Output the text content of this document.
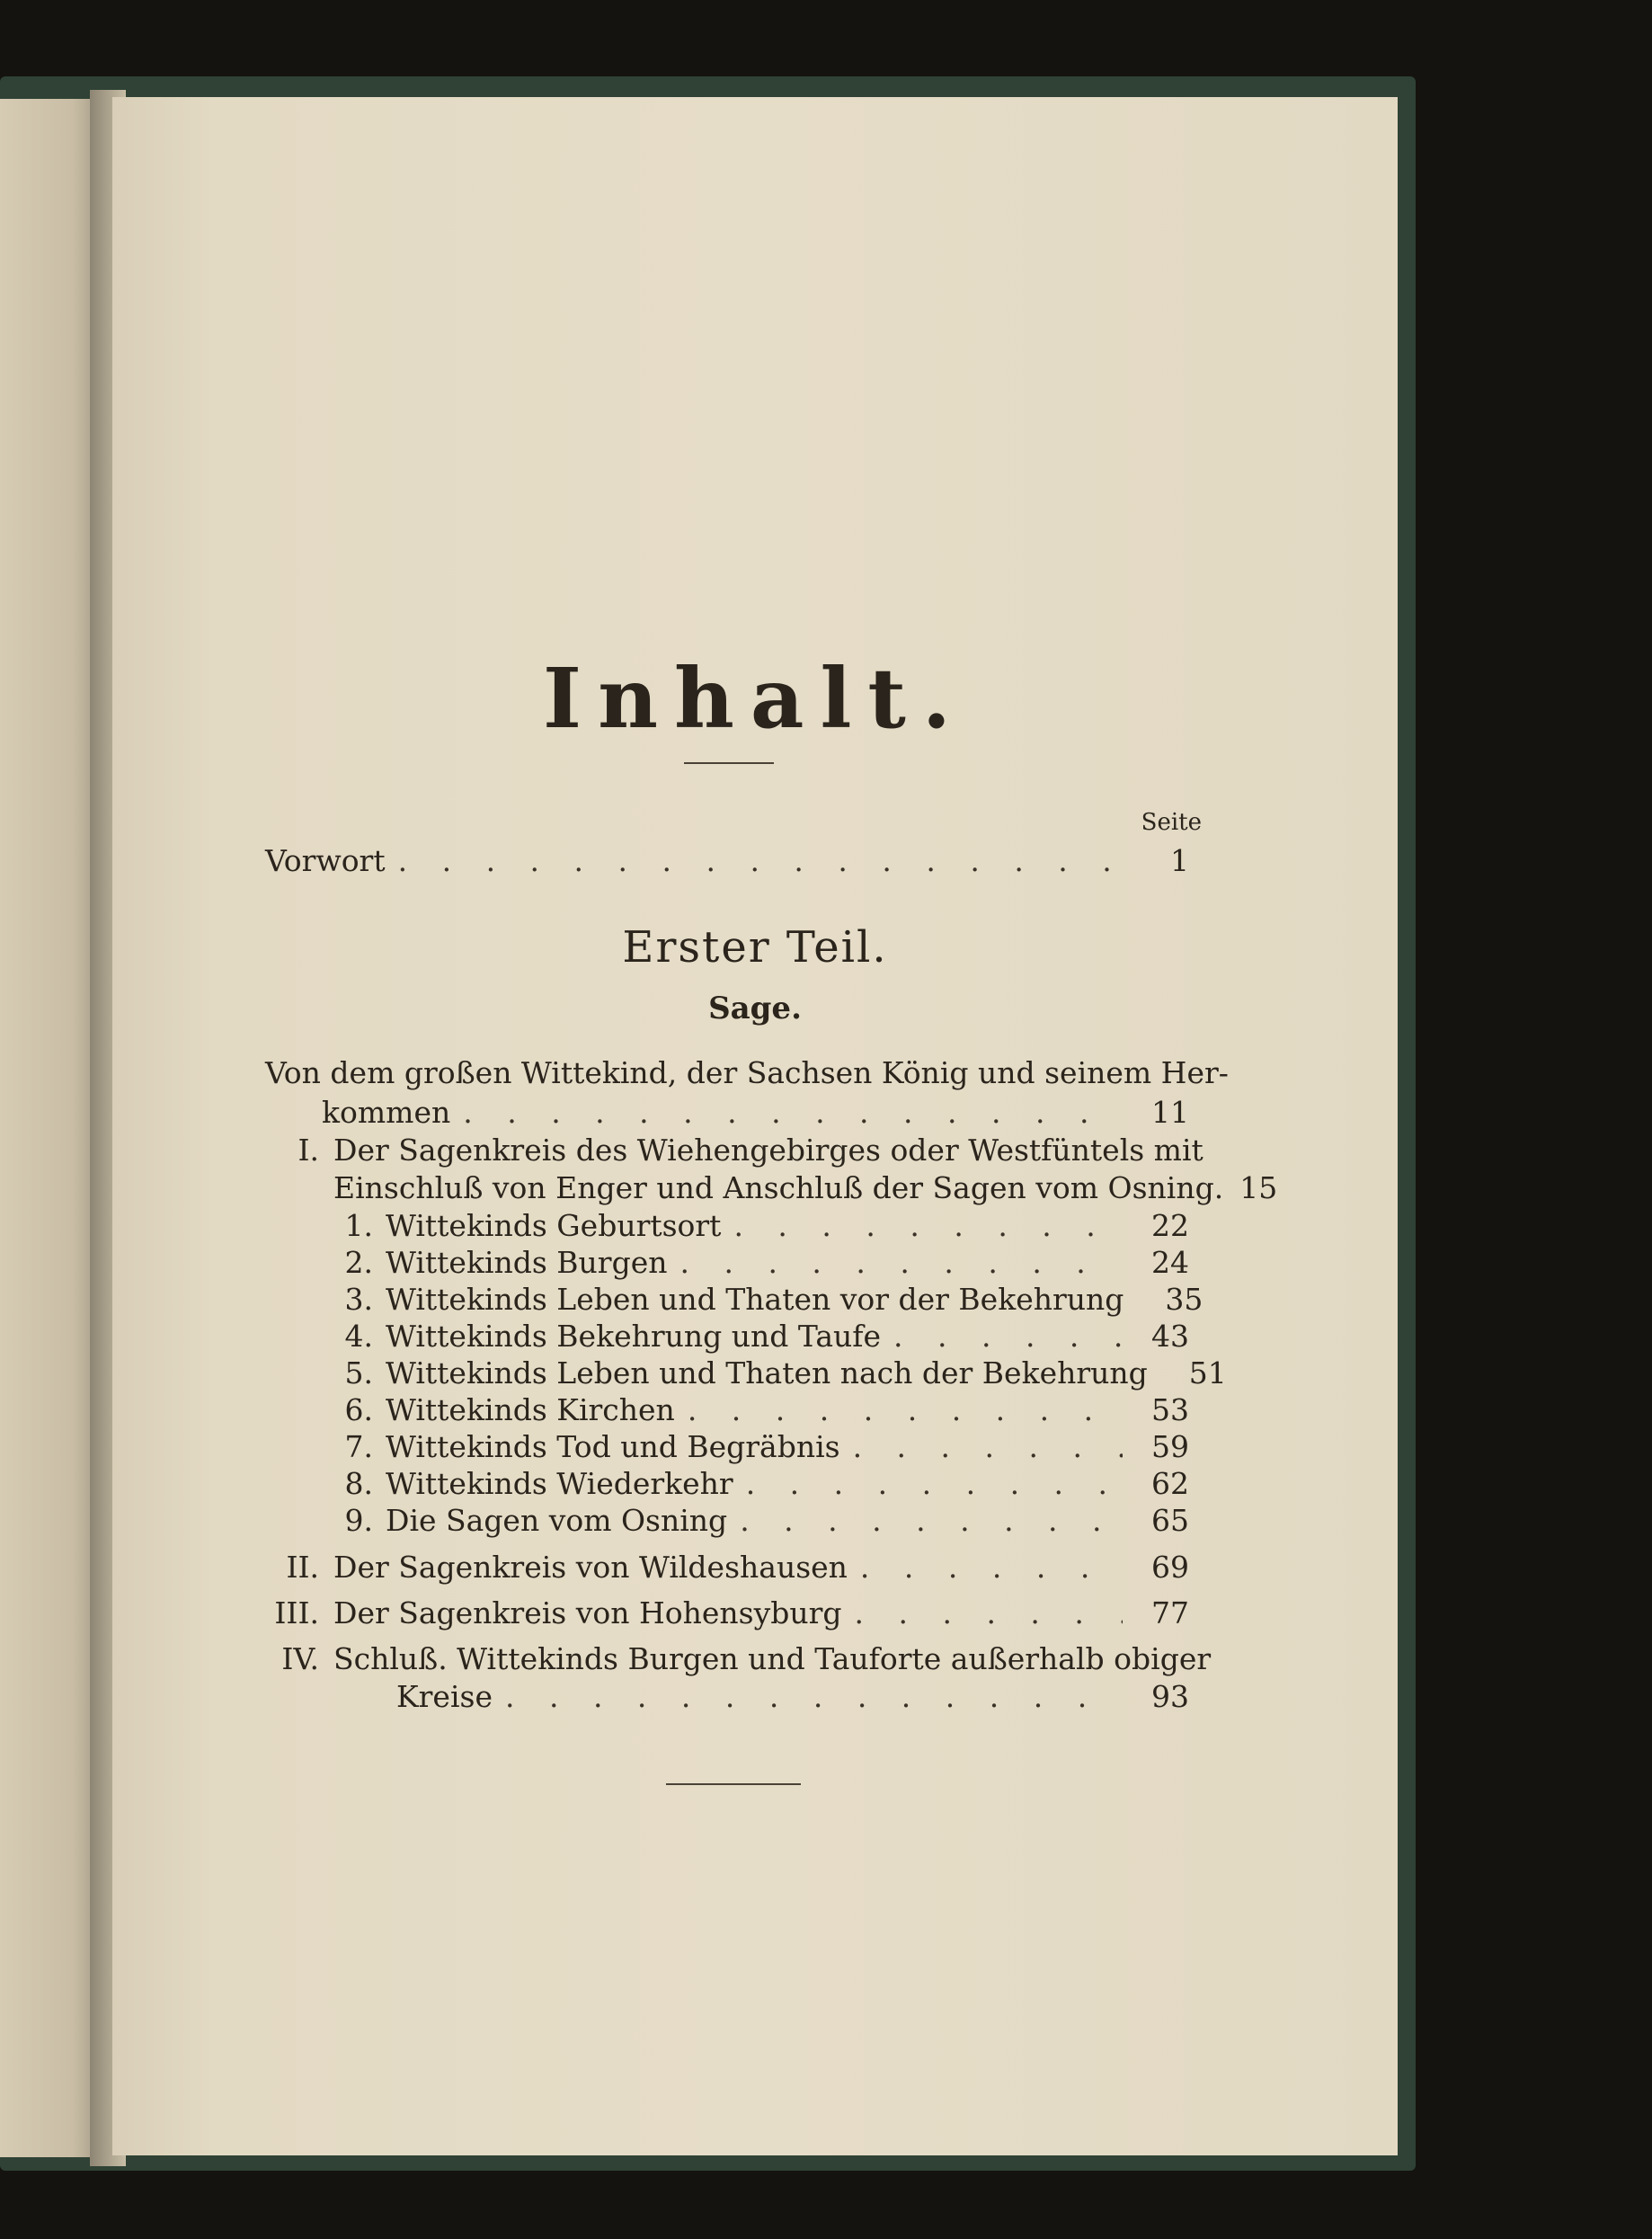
Inhalt.
Seite
Vorwort . . .	1
Erster Teil.
Sage.
Von dem großen Wittekind, der Sachsen König und seinem Her-
kommen . . .	11
I. Der Sagenkreis des Wiehengebirges oder Westfüntels mit
Einschluß von Enger und Anschluß der Sagen vom Osning. 15
1. Wittekinds Geburtsort . . .	22
2. Wittekinds Burgen . . .	24
3. Wittekinds Leben und Thaten vor der Bekehrung	35
4. Wittekinds Bekehrung und Taufe . . .	43
5. Wittekinds Leben und Thaten nach der Bekehrung	51
6. Wittekinds Kirchen . . .	53
7. Wittekinds Tod und Begräbnis . . .	59
8. Wittekinds Wiederkehr . . .	62
9. Die Sagen vom Osning . . .	65
II. Der Sagenkreis von Wildeshausen . . .	69
III. Der Sagenkreis von Hohensyburg . . .	77
IV. Schluß. Wittekinds Burgen und Tauforte außerhalb obiger
Kreise . . .	93
